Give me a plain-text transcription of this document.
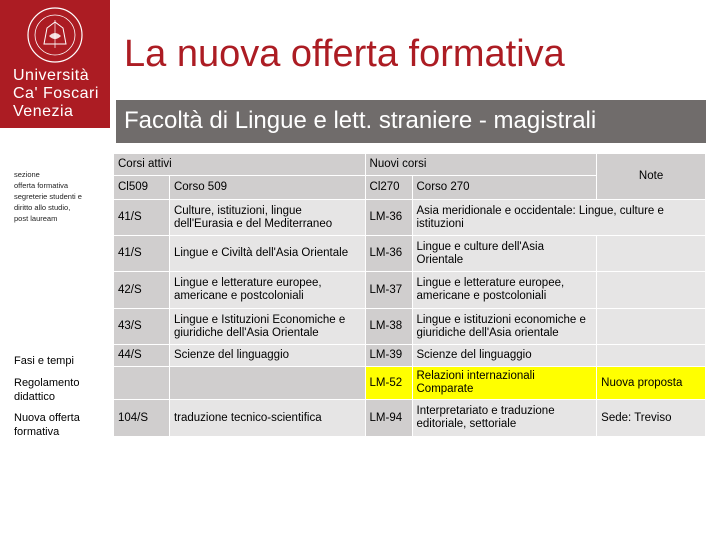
Università
Ca' Foscari
Venezia
sezione
offerta formativa
segreterie studenti e
diritto allo studio,
post lauream
Fasi e tempi
Regolamento didattico
Nuova offerta formativa
La nuova offerta formativa
Facoltà di Lingue e lett. straniere - magistrali
Corsi attivi		Nuovi corsi		Note
Cl509	Corso 509	Cl270	Corso 270	
41/S	Culture, istituzioni, lingue dell'Eurasia e del Mediterraneo	LM-36	Asia meridionale e occidentale: Lingue, culture e istituzioni	
41/S	Lingue e Civiltà dell'Asia Orientale	LM-36	Lingue e culture dell'Asia Orientale	
42/S	Lingue e letterature europee, americane e postcoloniali	LM-37	Lingue e letterature europee, americane e postcoloniali	
43/S	Lingue e Istituzioni Economiche e giuridiche dell'Asia Orientale	LM-38	Lingue e istituzioni economiche e giuridiche dell'Asia orientale	
44/S	Scienze del linguaggio	LM-39	Scienze del linguaggio	
		LM-52	Relazioni internazionali Comparate	Nuova proposta
104/S	traduzione tecnico-scientifica	LM-94	Interpretariato e traduzione editoriale, settoriale	Sede: Treviso
